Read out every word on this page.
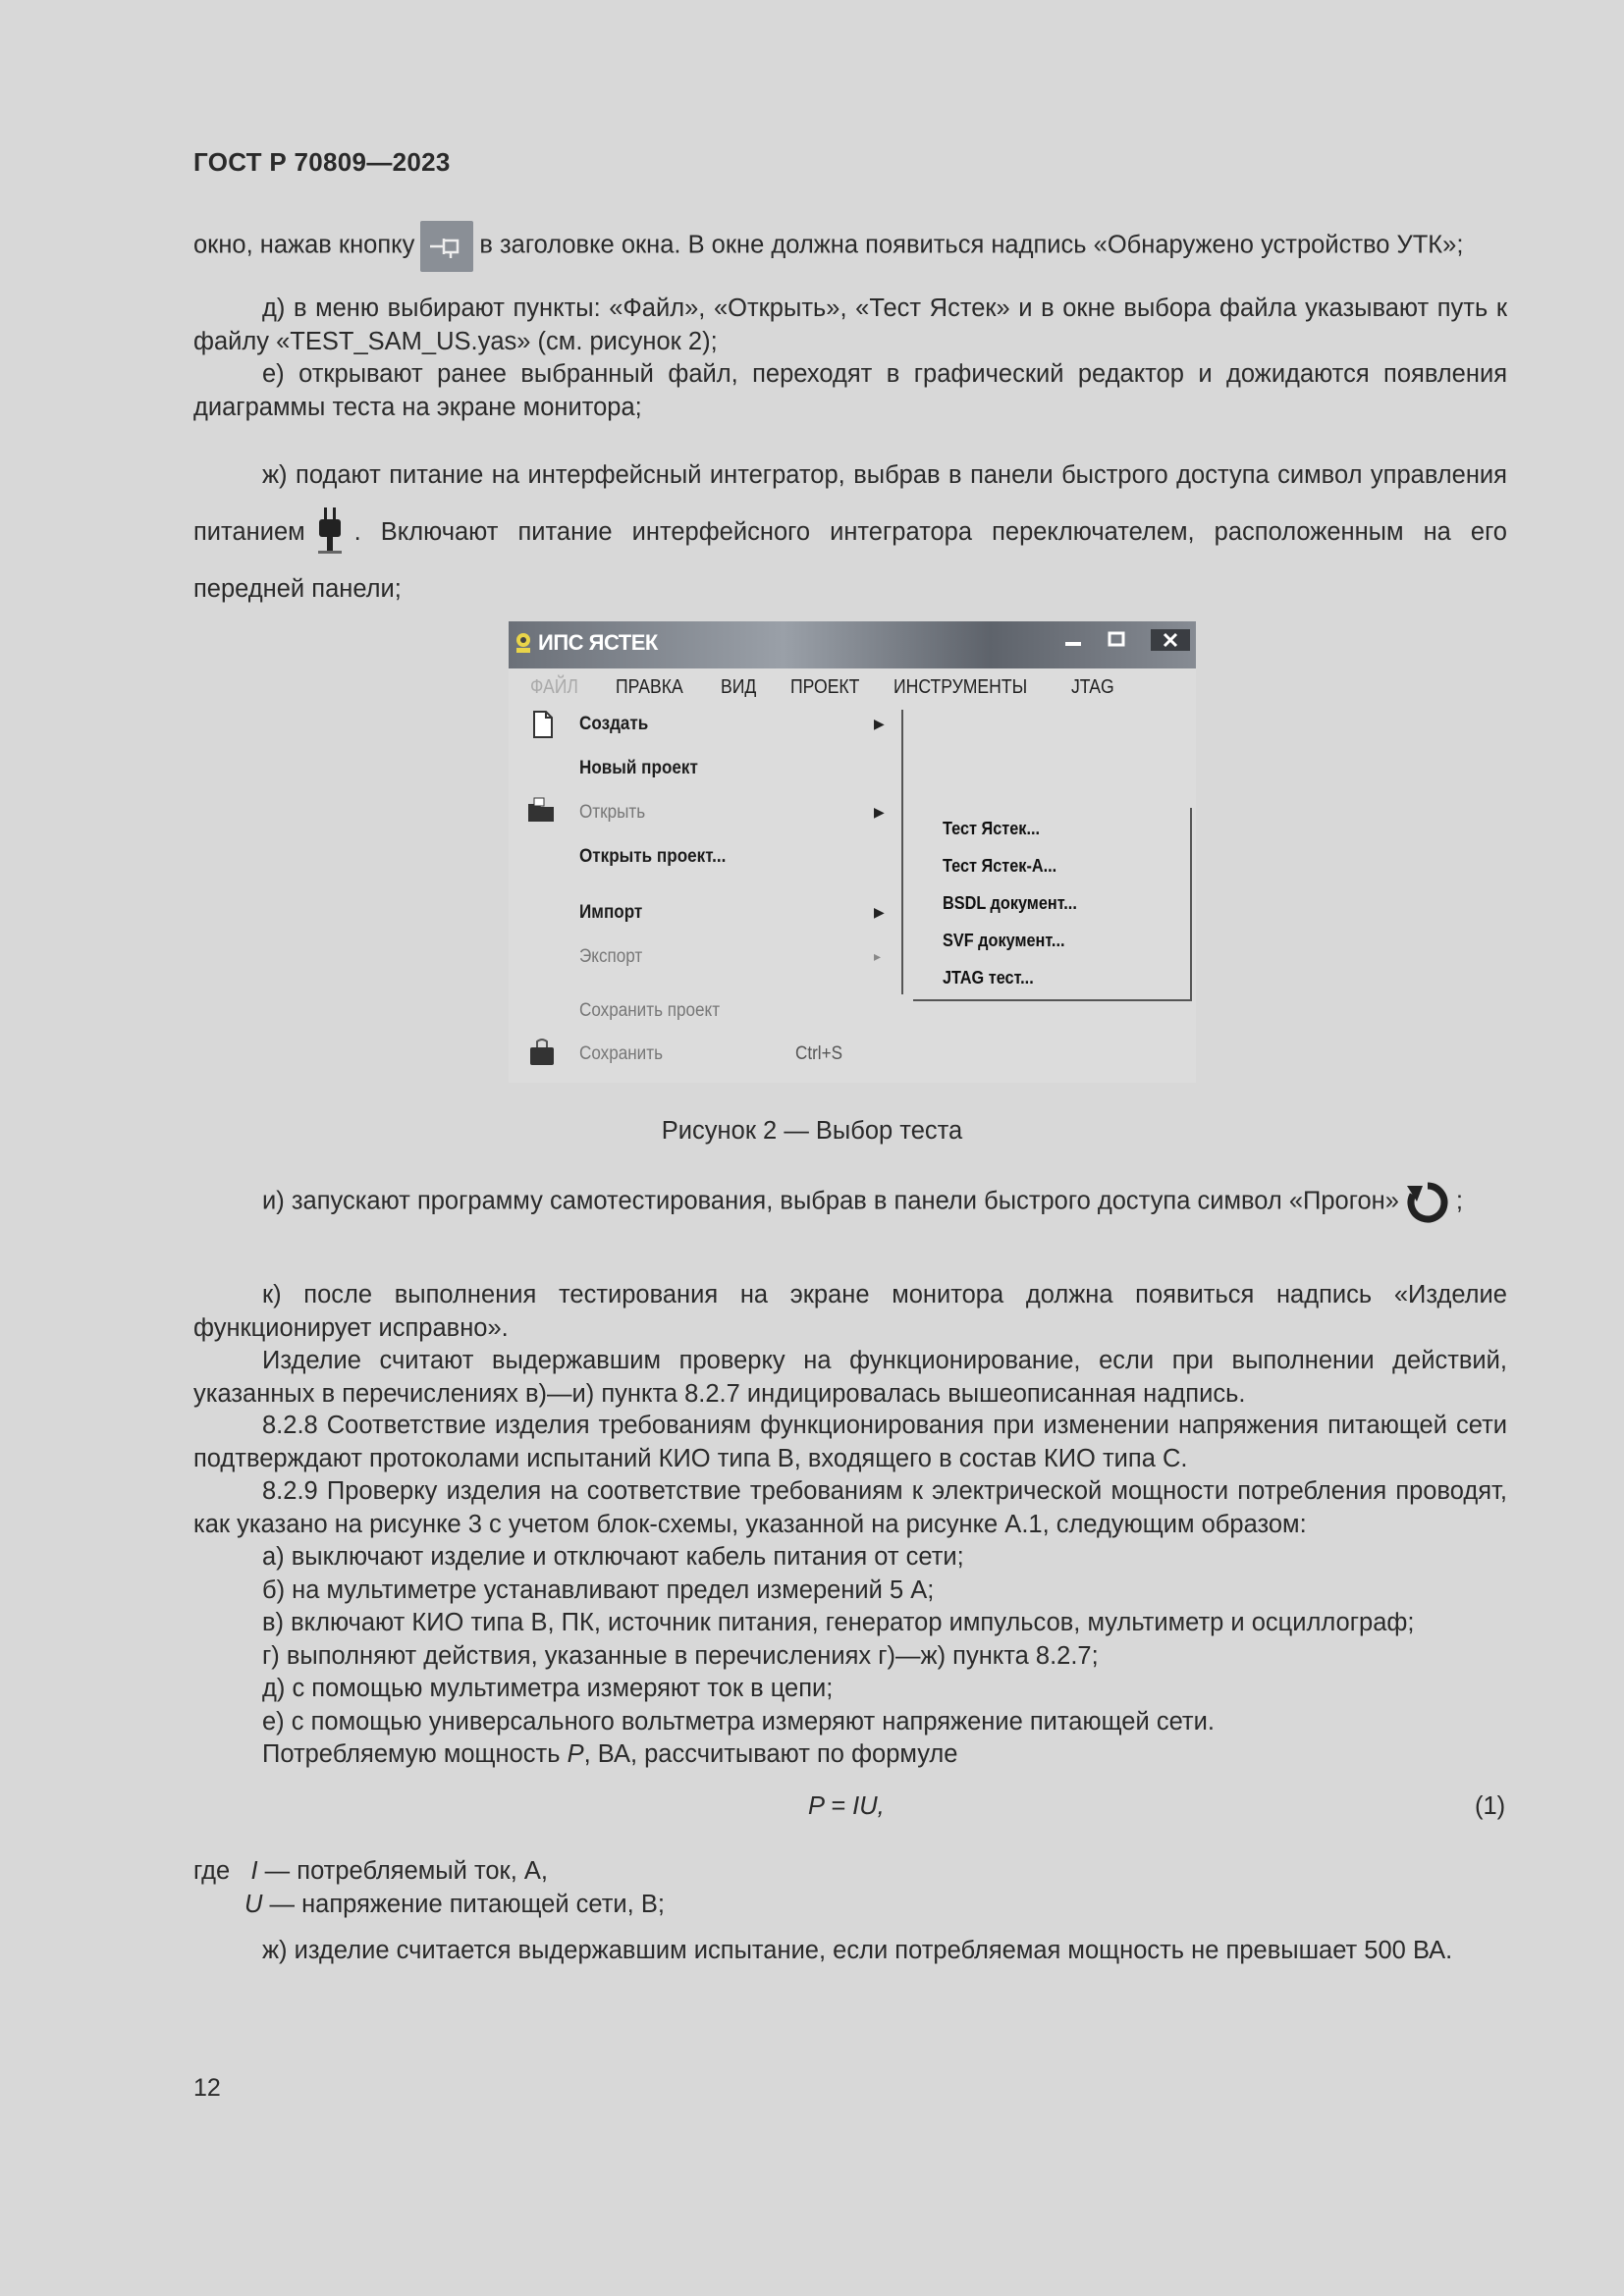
ГОСТ Р 70809—2023
окно, нажав кнопку	в заголовке окна. В окне должна появиться надпись «Обнаружено устройство УТК»;
д) в меню выбирают пункты: «Файл», «Открыть», «Тест Ястек» и в окне выбора файла указывают путь к файлу «TEST_SAM_US.yas» (см. рисунок 2);
е) открывают ранее выбранный файл, переходят в графический редактор и дожидаются появления диаграммы теста на экране монитора;
ж) подают питание на интерфейсный интегратор, выбрав в панели быстрого доступа символ управления питанием . Включают питание интерфейсного интегратора переключателем, расположенным на его передней панели;
ИПС ЯСТЕК
ФАЙЛ ПРАВКА ВИД ПРОЕКТ ИНСТРУМЕНТЫ JTAG
Создать	▶
Новый проект
Открыть	▶
Открыть проект...
Импорт	▶
Экспорт	▸
Сохранить проект
Сохранить	Ctrl+S
Тест Ястек...
Тест Ястек-А...
BSDL документ...
SVF документ...
JTAG тест...
Рисунок 2 — Выбор теста
и) запускают программу самотестирования, выбрав в панели быстрого доступа символ «Прогон» ;
к) после выполнения тестирования на экране монитора должна появиться надпись «Изделие функционирует исправно».
Изделие считают выдержавшим проверку на функционирование, если при выполнении действий, указанных в перечислениях в)—и) пункта 8.2.7 индицировалась вышеописанная надпись.
8.2.8 Соответствие изделия требованиям функционирования при изменении напряжения питающей сети подтверждают протоколами испытаний КИО типа В, входящего в состав КИО типа С.
8.2.9 Проверку изделия на соответствие требованиям к электрической мощности потребления проводят, как указано на рисунке 3 с учетом блок-схемы, указанной на рисунке А.1, следующим образом:
а) выключают изделие и отключают кабель питания от сети;
б) на мультиметре устанавливают предел измерений 5 А;
в) включают КИО типа В, ПК, источник питания, генератор импульсов, мультиметр и осциллограф;
г) выполняют действия, указанные в перечислениях г)—ж) пункта 8.2.7;
д) с помощью мультиметра измеряют ток в цепи;
е) с помощью универсального вольтметра измеряют напряжение питающей сети.
Потребляемую мощность P, ВА, рассчитывают по формуле
P = IU,	(1)
где I — потребляемый ток, А,
U — напряжение питающей сети, В;
ж) изделие считается выдержавшим испытание, если потребляемая мощность не превышает 500 ВА.
12
